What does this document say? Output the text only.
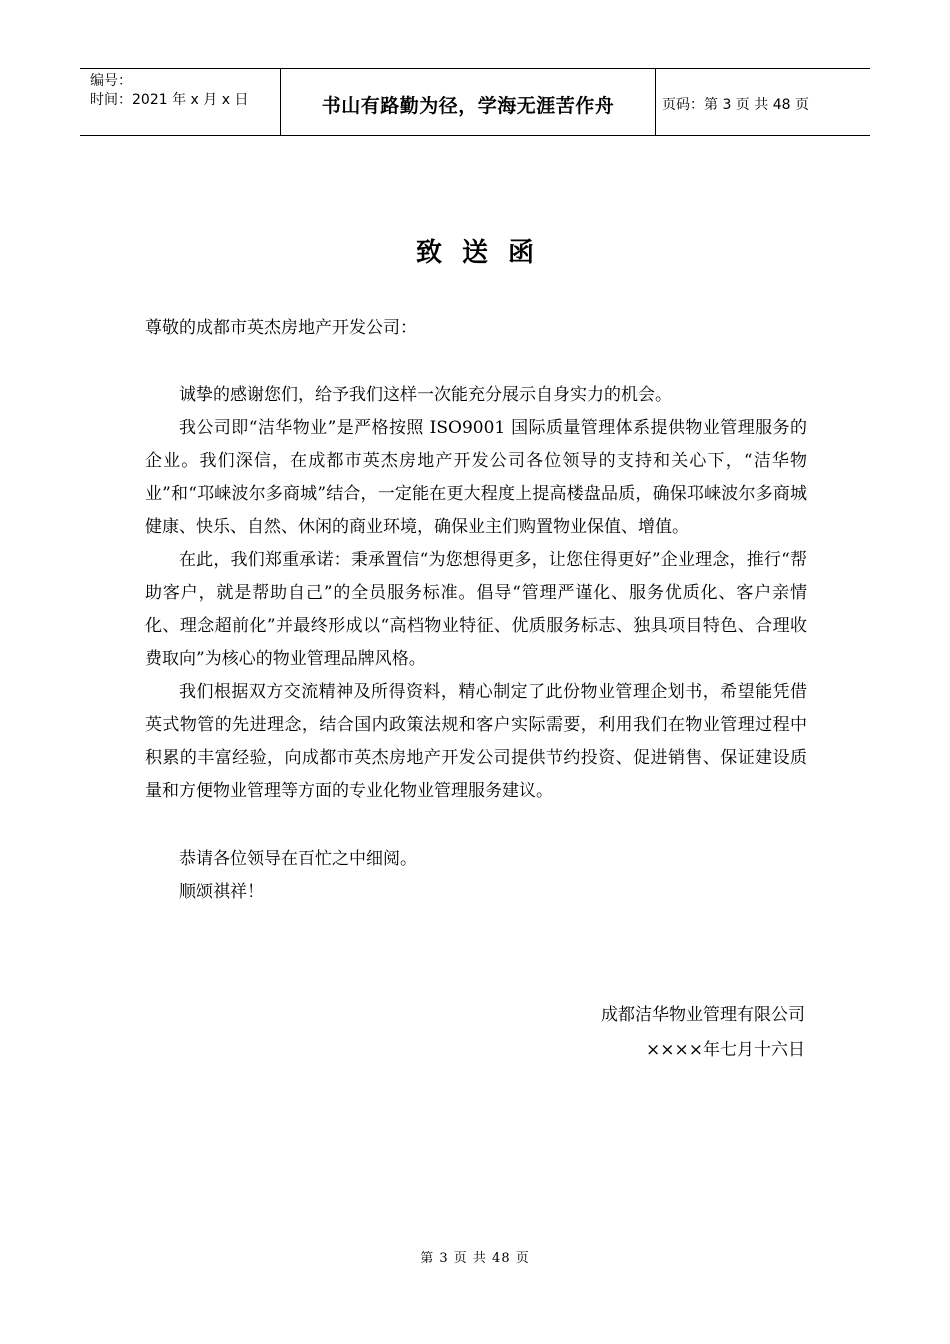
编号：
时间：2021 年 x 月 x 日	书山有路勤为径，学海无涯苦作舟	页码：第 3 页 共 48 页
致送函

尊敬的成都市英杰房地产开发公司：

诚挚的感谢您们，给予我们这样一次能充分展示自身实力的机会。

我公司即“洁华物业”是严格按照 ISO9001 国际质量管理体系提供物业管理服务的企业。我们深信，在成都市英杰房地产开发公司各位领导的支持和关心下，“洁华物业”和“邛崃波尔多商城”结合，一定能在更大程度上提高楼盘品质，确保邛崃波尔多商城健康、快乐、自然、休闲的商业环境，确保业主们购置物业保值、增值。

在此，我们郑重承诺：秉承置信“为您想得更多，让您住得更好”企业理念，推行“帮助客户，就是帮助自己”的全员服务标准。倡导“管理严谨化、服务优质化、客户亲情化、理念超前化”并最终形成以“高档物业特征、优质服务标志、独具项目特色、合理收费取向”为核心的物业管理品牌风格。

我们根据双方交流精神及所得资料，精心制定了此份物业管理企划书，希望能凭借英式物管的先进理念，结合国内政策法规和客户实际需要，利用我们在物业管理过程中积累的丰富经验，向成都市英杰房地产开发公司提供节约投资、促进销售、保证建设质量和方便物业管理等方面的专业化物业管理服务建议。

恭请各位领导在百忙之中细阅。

顺颂祺祥！

成都洁华物业管理有限公司
××××年七月十六日
第 3 页 共 48 页
